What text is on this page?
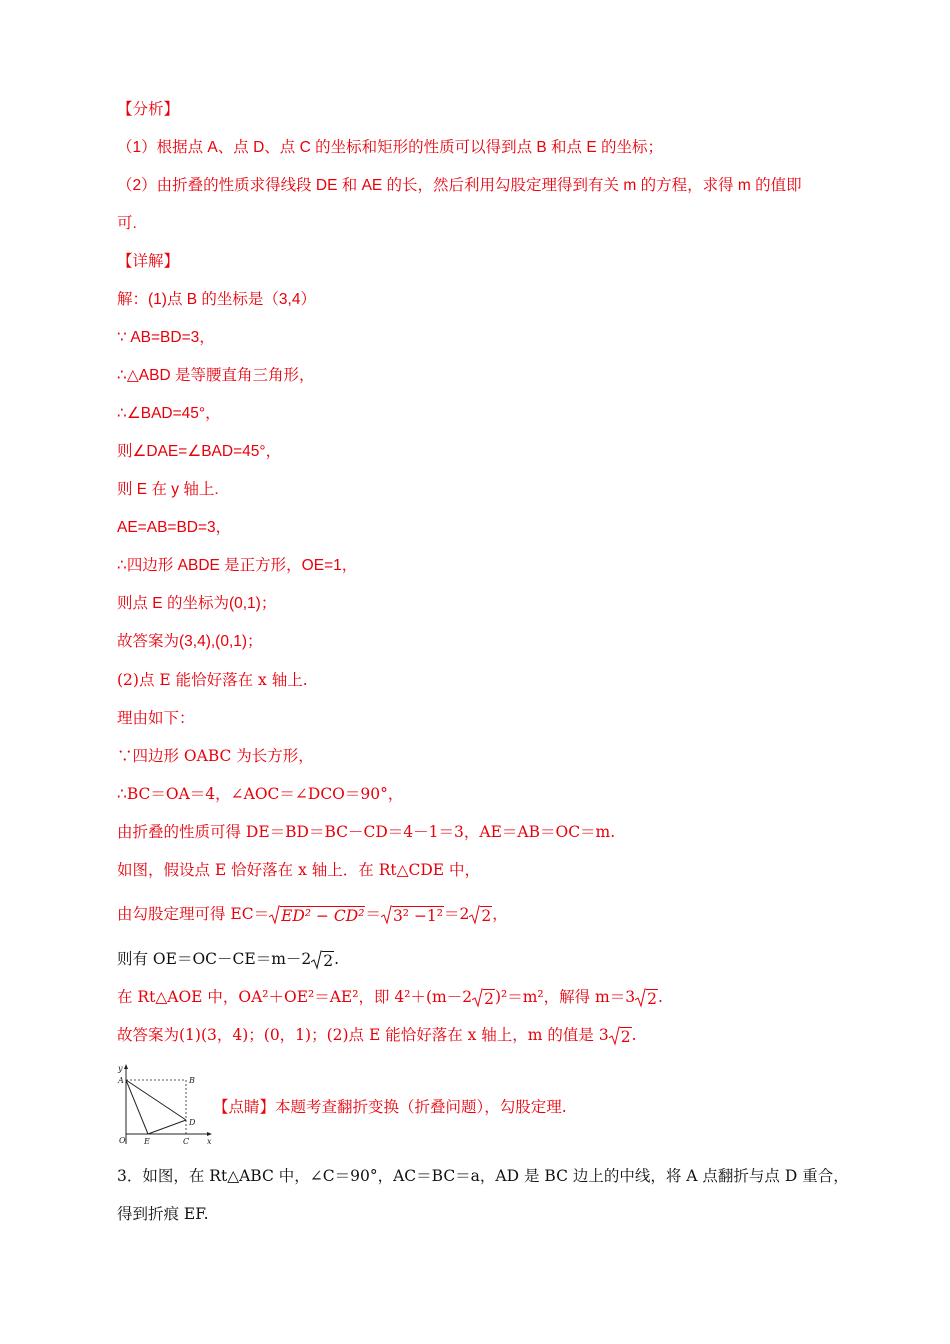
【分析】
（1）根据点 A、点 D、点 C 的坐标和矩形的性质可以得到点 B 和点 E 的坐标；
（2）由折叠的性质求得线段 DE 和 AE 的长，然后利用勾股定理得到有关 m 的方程，求得 m 的值即
可.
【详解】
解：(1)点 B 的坐标是（3,4）
∵ AB=BD=3，
∴△ABD 是等腰直角三角形，
∴∠BAD=45°，
则∠DAE=∠BAD=45°，
则 E 在 y 轴上.
AE=AB=BD=3，
∴四边形 ABDE 是正方形，OE=1，
则点 E 的坐标为(0,1)；
故答案为(3,4),(0,1)；
(2)点 E 能恰好落在 x 轴上.
理由如下：
∵四边形 OABC 为长方形，
∴BC＝OA＝4，∠AOC＝∠DCO＝90°，
由折叠的性质可得 DE＝BD＝BC－CD＝4－1＝3，AE＝AB＝OC＝m.
如图，假设点 E 恰好落在 x 轴上．在 Rt△CDE 中，
由勾股定理可得 EC＝ ED² − CD²＝ 3² −1²＝2 2，
则有 OE＝OC－CE＝m－2 2.
在 Rt△AOE 中，OA²＋OE²＝AE²，即 4²＋(m－2 2)²＝m²，解得 m＝3 2.
故答案为(1)(3，4)；(0，1)；(2)点 E 能恰好落在 x 轴上，m 的值是 3 2.
y
A	B
D
O E	C x
【点睛】本题考查翻折变换（折叠问题），勾股定理.
3．如图，在 Rt△ABC 中，∠C＝90°，AC＝BC＝a，AD 是 BC 边上的中线，将 A 点翻折与点 D 重合，
得到折痕 EF.
